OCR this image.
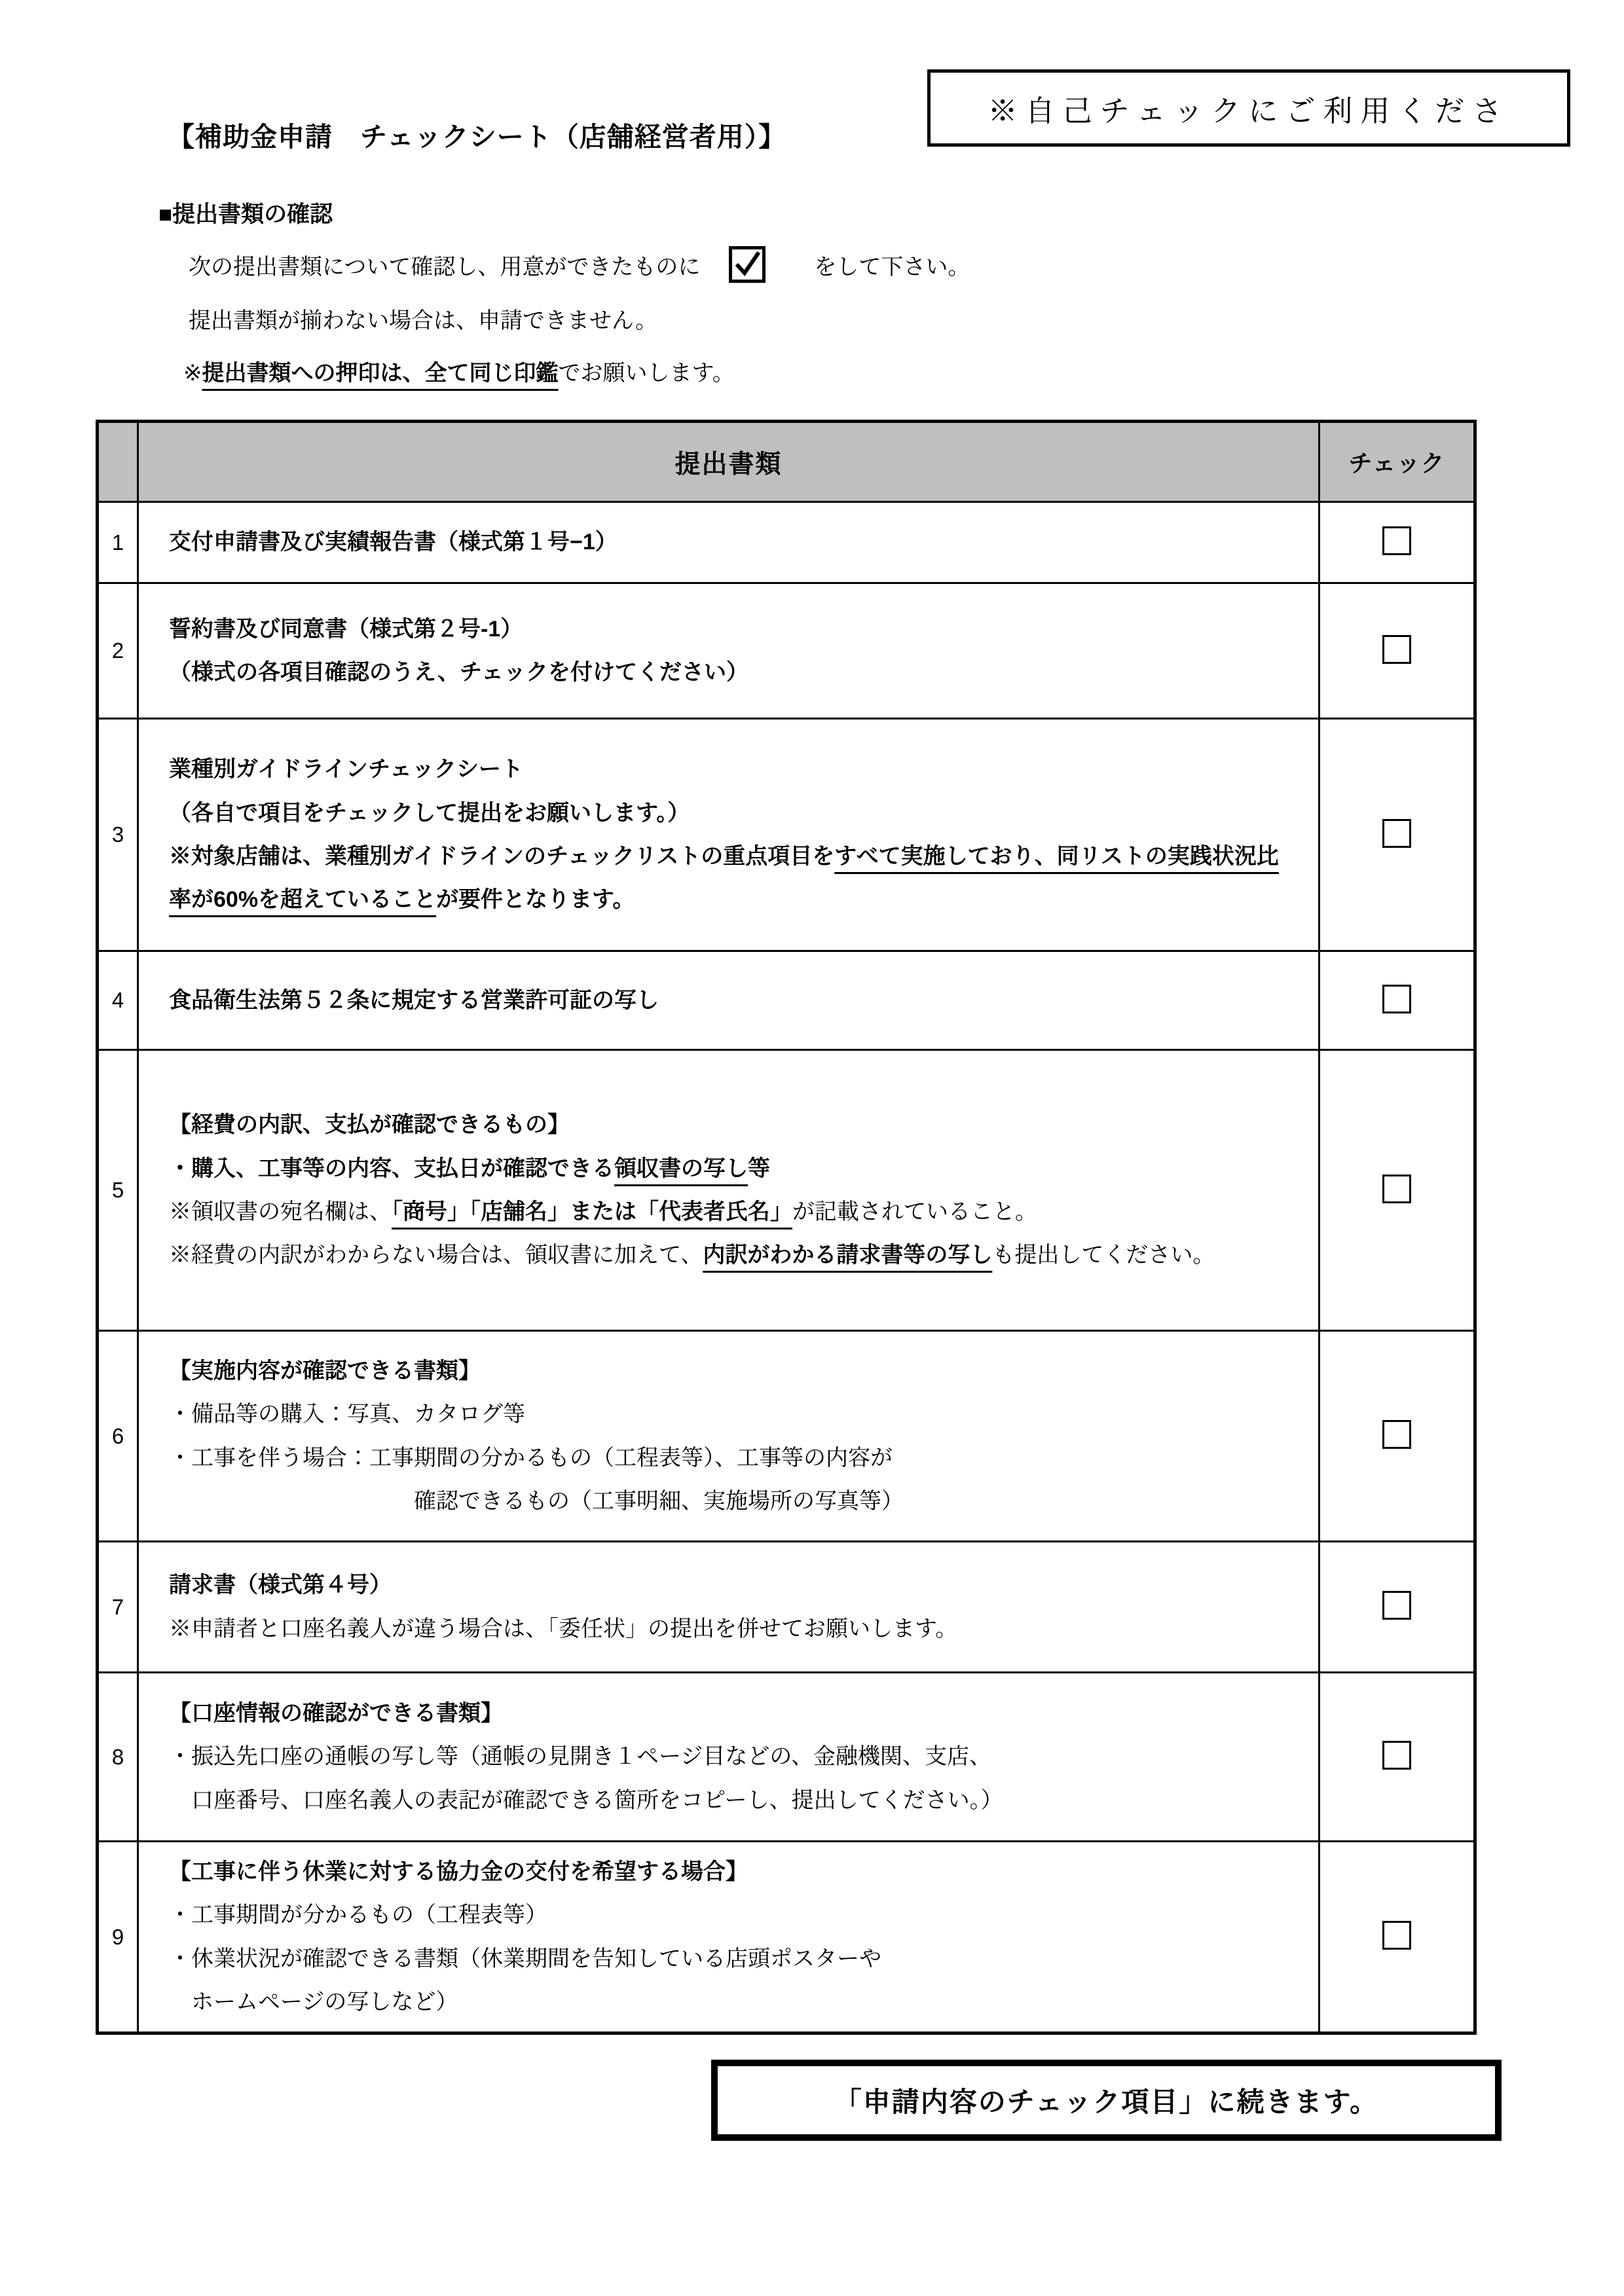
※自己チェックにご利用くださ
【補助金申請　チェックシート（店舗経営者用）】
■提出書類の確認
次の提出書類について確認し、用意ができたものに	をして下さい。
提出書類が揃わない場合は、申請できません。
※提出書類への押印は、全て同じ印鑑でお願いします。
	提出書類	チェック
1	交付申請書及び実績報告書（様式第１号−1）	

2	誓約書及び同意書（様式第２号-1）
（様式の各項目確認のうえ、チェックを付けてください）	

3	業種別ガイドラインチェックシート
（各自で項目をチェックして提出をお願いします。）
※対象店舗は、業種別ガイドラインのチェックリストの重点項目をすべて実施しており、同リストの実践状況比率が60%を超えていることが要件となります。	

4	食品衛生法第５２条に規定する営業許可証の写し	

5	【経費の内訳、支払が確認できるもの】
・購入、工事等の内容、支払日が確認できる領収書の写し等
※領収書の宛名欄は、「商号」「店舗名」または「代表者氏名」が記載されていること。
※経費の内訳がわからない場合は、領収書に加えて、内訳がわかる請求書等の写しも提出してください。	

6	【実施内容が確認できる書類】
・備品等の購入：写真、カタログ等
・工事を伴う場合：工事期間の分かるもの（工程表等）、工事等の内容が
　　　　　　　　　　　確認できるもの（工事明細、実施場所の写真等）	

7	請求書（様式第４号）
※申請者と口座名義人が違う場合は、「委任状」の提出を併せてお願いします。	

8	【口座情報の確認ができる書類】
・振込先口座の通帳の写し等（通帳の見開き１ページ目などの、金融機関、支店、
　口座番号、口座名義人の表記が確認できる箇所をコピーし、提出してください。）	

9	【工事に伴う休業に対する協力金の交付を希望する場合】
・工事期間が分かるもの（工程表等）
・休業状況が確認できる書類（休業期間を告知している店頭ポスターや
　ホームページの写しなど）	

「申請内容のチェック項目」に続きます。
